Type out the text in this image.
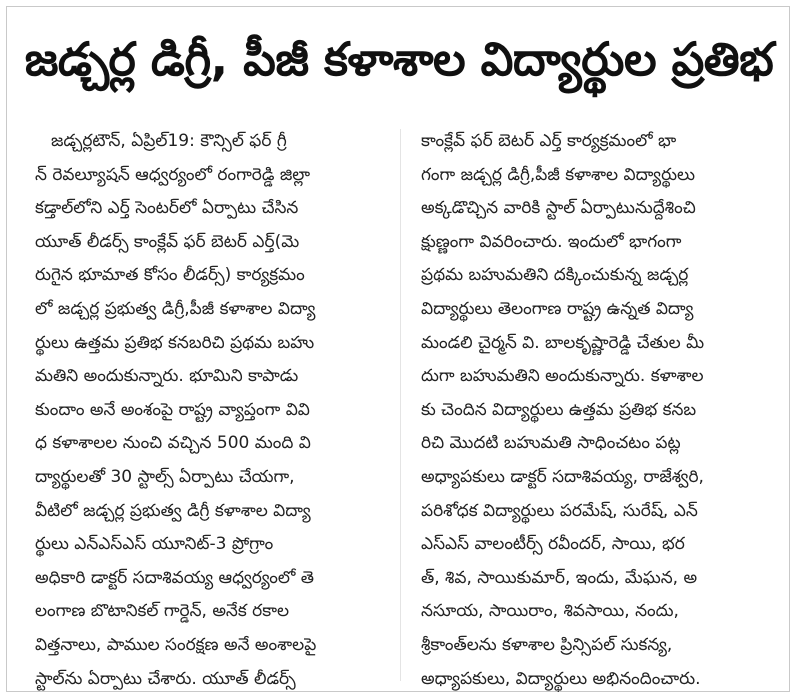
జడ్చర్ల డిగ్రీ, పీజీ కళాశాల విద్యార్థుల ప్రతిభ
జడ్చర్లటౌన్, ఏప్రిల్19: కౌన్సిల్ ఫర్ గ్రీ
న్ రెవల్యూషన్ ఆధ్వర్యంలో రంగారెడ్డి జిల్లా
కడ్తాల్‌లోని ఎర్త్ సెంటర్‌లో ఏర్పాటు చేసిన
యూత్ లీడర్స్ కాంక్లేవ్ ఫర్ బెటర్ ఎర్త్(మె
రుగైన భూమాత కోసం లీడర్స్) కార్యక్రమం
లో జడ్చర్ల ప్రభుత్వ డిగ్రీ,పీజీ కళాశాల విద్యా
ర్థులు ఉత్తమ ప్రతిభ కనబరిచి ప్రథమ బహు
మతిని అందుకున్నారు. భూమిని కాపాడు
కుందాం అనే అంశంపై రాష్ట్ర వ్యాప్తంగా వివి
ధ కళాశాలల నుంచి వచ్చిన 500 మంది వి
ద్యార్థులతో 30 స్టాల్స్ ఏర్పాటు చేయగా,
వీటిలో జడ్చర్ల ప్రభుత్వ డిగ్రీ కళాశాల విద్యా
ర్థులు ఎన్ఎస్ఎస్ యూనిట్-3 ప్రోగ్రాం
అధికారి డాక్టర్ సదాశివయ్య ఆధ్వర్యంలో తె
లంగాణ బొటానికల్ గార్డెన్, అనేక రకాల
విత్తనాలు, పాముల సంరక్షణ అనే అంశాలపై
స్టాల్‌ను ఏర్పాటు చేశారు. యూత్ లీడర్స్
కాంక్లేవ్ ఫర్ బెటర్ ఎర్త్ కార్యక్రమంలో భా
గంగా జడ్చర్ల డిగ్రీ,పీజీ కళాశాల విద్యార్థులు
అక్కడొచ్చిన వారికి స్టాల్ ఏర్పాటునుద్దేశించి
క్షుణ్ణంగా వివరించారు. ఇందులో భాగంగా
ప్రథమ బహుమతిని దక్కించుకున్న జడ్చర్ల
విద్యార్థులు తెలంగాణ రాష్ట్ర ఉన్నత విద్యా
మండలి చైర్మన్ వి. బాలకృష్ణారెడ్డి చేతుల మీ
దుగా బహుమతిని అందుకున్నారు. కళాశాల
కు చెందిన విద్యార్థులు ఉత్తమ ప్రతిభ కనబ
రిచి మొదటి బహుమతి సాధించటం పట్ల
అధ్యాపకులు డాక్టర్ సదాశివయ్య, రాజేశ్వరి,
పరిశోధక విద్యార్థులు పరమేష్, సురేష్, ఎన్
ఎస్ఎస్ వాలంటీర్స్ రవీందర్, సాయి, భర
త్, శివ, సాయికుమార్, ఇందు, మేఘన, అ
నసూయ, సాయిరాం, శివసాయి, నందు,
శ్రీకాంత్‌లను కళాశాల ప్రిన్సిపల్ సుకన్య,
అధ్యాపకులు, విద్యార్థులు అభినందించారు.
